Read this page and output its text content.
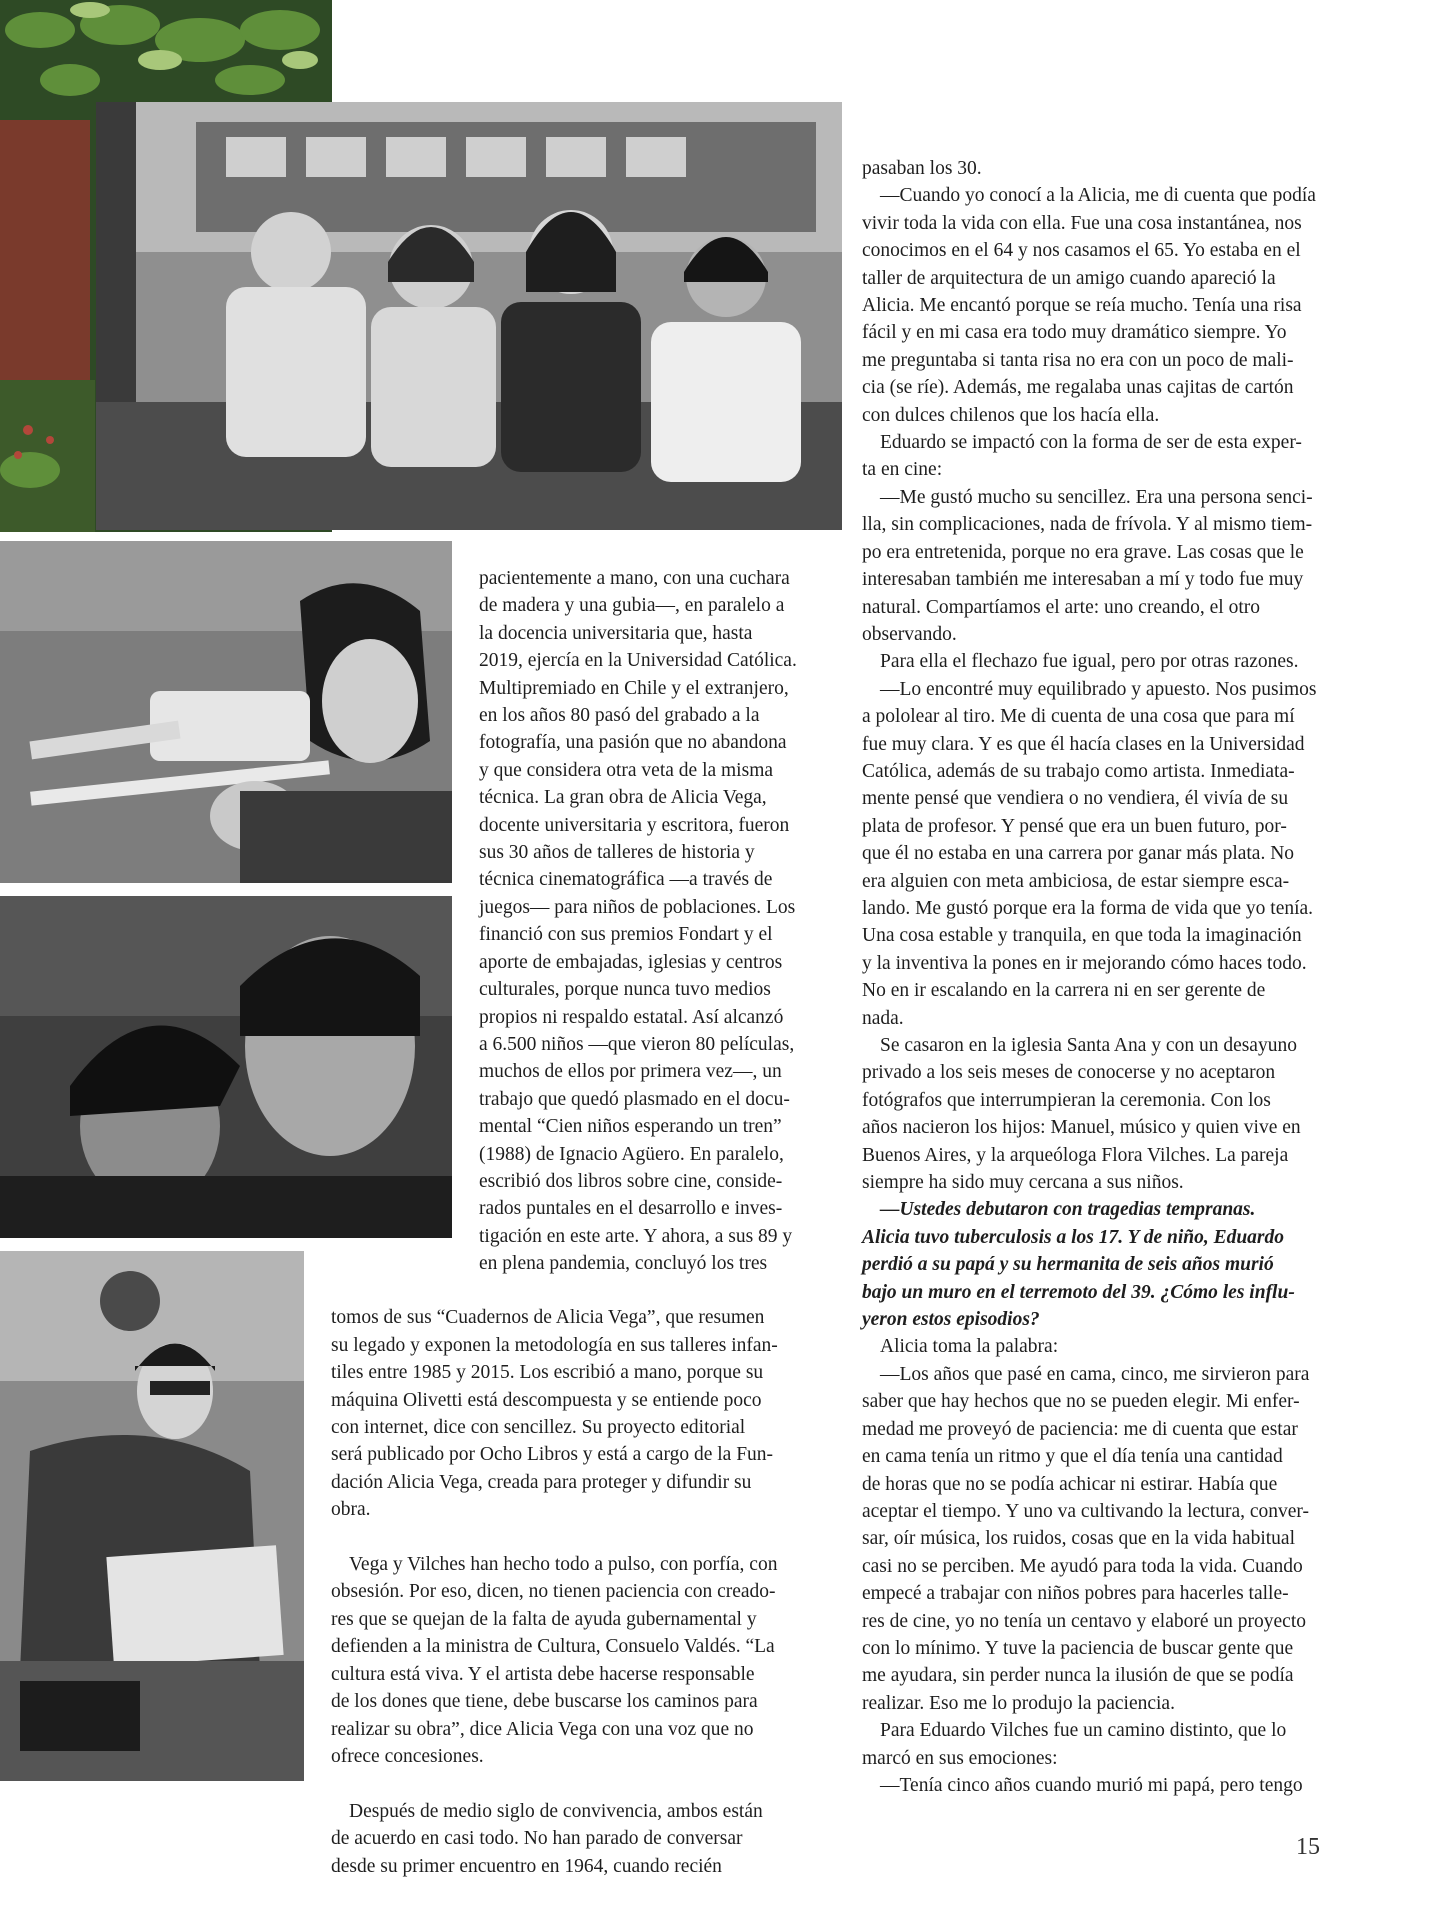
pacientemente a mano, con una cuchara
de madera y una gubia—, en paralelo a
la docencia universitaria que, hasta
2019, ejercía en la Universidad Católica.
Multipremiado en Chile y el extranjero,
en los años 80 pasó del grabado a la
fotografía, una pasión que no abandona
y que considera otra veta de la misma
técnica. La gran obra de Alicia Vega,
docente universitaria y escritora, fueron
sus 30 años de talleres de historia y
técnica cinematográfica —a través de
juegos— para niños de poblaciones. Los
financió con sus premios Fondart y el
aporte de embajadas, iglesias y centros
culturales, porque nunca tuvo medios
propios ni respaldo estatal. Así alcanzó
a 6.500 niños —que vieron 80 películas,
muchos de ellos por primera vez—, un
trabajo que quedó plasmado en el docu-
mental “Cien niños esperando un tren”
(1988) de Ignacio Agüero. En paralelo,
escribió dos libros sobre cine, conside-
rados puntales en el desarrollo e inves-
tigación en este arte. Y ahora, a sus 89 y
en plena pandemia, concluyó los tres

tomos de sus “Cuadernos de Alicia Vega”, que resumen
su legado y exponen la metodología en sus talleres infan-
tiles entre 1985 y 2015. Los escribió a mano, porque su
máquina Olivetti está descompuesta y se entiende poco
con internet, dice con sencillez. Su proyecto editorial
será publicado por Ocho Libros y está a cargo de la Fun-
dación Alicia Vega, creada para proteger y difundir su
obra.

Vega y Vilches han hecho todo a pulso, con porfía, con
obsesión. Por eso, dicen, no tienen paciencia con creado-
res que se quejan de la falta de ayuda gubernamental y
defienden a la ministra de Cultura, Consuelo Valdés. “La
cultura está viva. Y el artista debe hacerse responsable
de los dones que tiene, debe buscarse los caminos para
realizar su obra”, dice Alicia Vega con una voz que no
ofrece concesiones.

Después de medio siglo de convivencia, ambos están
de acuerdo en casi todo. No han parado de conversar
desde su primer encuentro en 1964, cuando recién

pasaban los 30.

—Cuando yo conocí a la Alicia, me di cuenta que podía
vivir toda la vida con ella. Fue una cosa instantánea, nos
conocimos en el 64 y nos casamos el 65. Yo estaba en el
taller de arquitectura de un amigo cuando apareció la
Alicia. Me encantó porque se reía mucho. Tenía una risa
fácil y en mi casa era todo muy dramático siempre. Yo
me preguntaba si tanta risa no era con un poco de mali-
cia (se ríe). Además, me regalaba unas cajitas de cartón
con dulces chilenos que los hacía ella.

Eduardo se impactó con la forma de ser de esta exper-
ta en cine:

—Me gustó mucho su sencillez. Era una persona senci-
lla, sin complicaciones, nada de frívola. Y al mismo tiem-
po era entretenida, porque no era grave. Las cosas que le
interesaban también me interesaban a mí y todo fue muy
natural. Compartíamos el arte: uno creando, el otro
observando.

Para ella el flechazo fue igual, pero por otras razones.

—Lo encontré muy equilibrado y apuesto. Nos pusimos
a pololear al tiro. Me di cuenta de una cosa que para mí
fue muy clara. Y es que él hacía clases en la Universidad
Católica, además de su trabajo como artista. Inmediata-
mente pensé que vendiera o no vendiera, él vivía de su
plata de profesor. Y pensé que era un buen futuro, por-
que él no estaba en una carrera por ganar más plata. No
era alguien con meta ambiciosa, de estar siempre esca-
lando. Me gustó porque era la forma de vida que yo tenía.
Una cosa estable y tranquila, en que toda la imaginación
y la inventiva la pones en ir mejorando cómo haces todo.
No en ir escalando en la carrera ni en ser gerente de
nada.

Se casaron en la iglesia Santa Ana y con un desayuno
privado a los seis meses de conocerse y no aceptaron
fotógrafos que interrumpieran la ceremonia. Con los
años nacieron los hijos: Manuel, músico y quien vive en
Buenos Aires, y la arqueóloga Flora Vilches. La pareja
siempre ha sido muy cercana a sus niños.

—Ustedes debutaron con tragedias tempranas.
Alicia tuvo tuberculosis a los 17. Y de niño, Eduardo
perdió a su papá y su hermanita de seis años murió
bajo un muro en el terremoto del 39. ¿Cómo les influ-
yeron estos episodios?

Alicia toma la palabra:

—Los años que pasé en cama, cinco, me sirvieron para
saber que hay hechos que no se pueden elegir. Mi enfer-
medad me proveyó de paciencia: me di cuenta que estar
en cama tenía un ritmo y que el día tenía una cantidad
de horas que no se podía achicar ni estirar. Había que
aceptar el tiempo. Y uno va cultivando la lectura, conver-
sar, oír música, los ruidos, cosas que en la vida habitual
casi no se perciben. Me ayudó para toda la vida. Cuando
empecé a trabajar con niños pobres para hacerles talle-
res de cine, yo no tenía un centavo y elaboré un proyecto
con lo mínimo. Y tuve la paciencia de buscar gente que
me ayudara, sin perder nunca la ilusión de que se podía
realizar. Eso me lo produjo la paciencia.

Para Eduardo Vilches fue un camino distinto, que lo
marcó en sus emociones:

—Tenía cinco años cuando murió mi papá, pero tengo

15
